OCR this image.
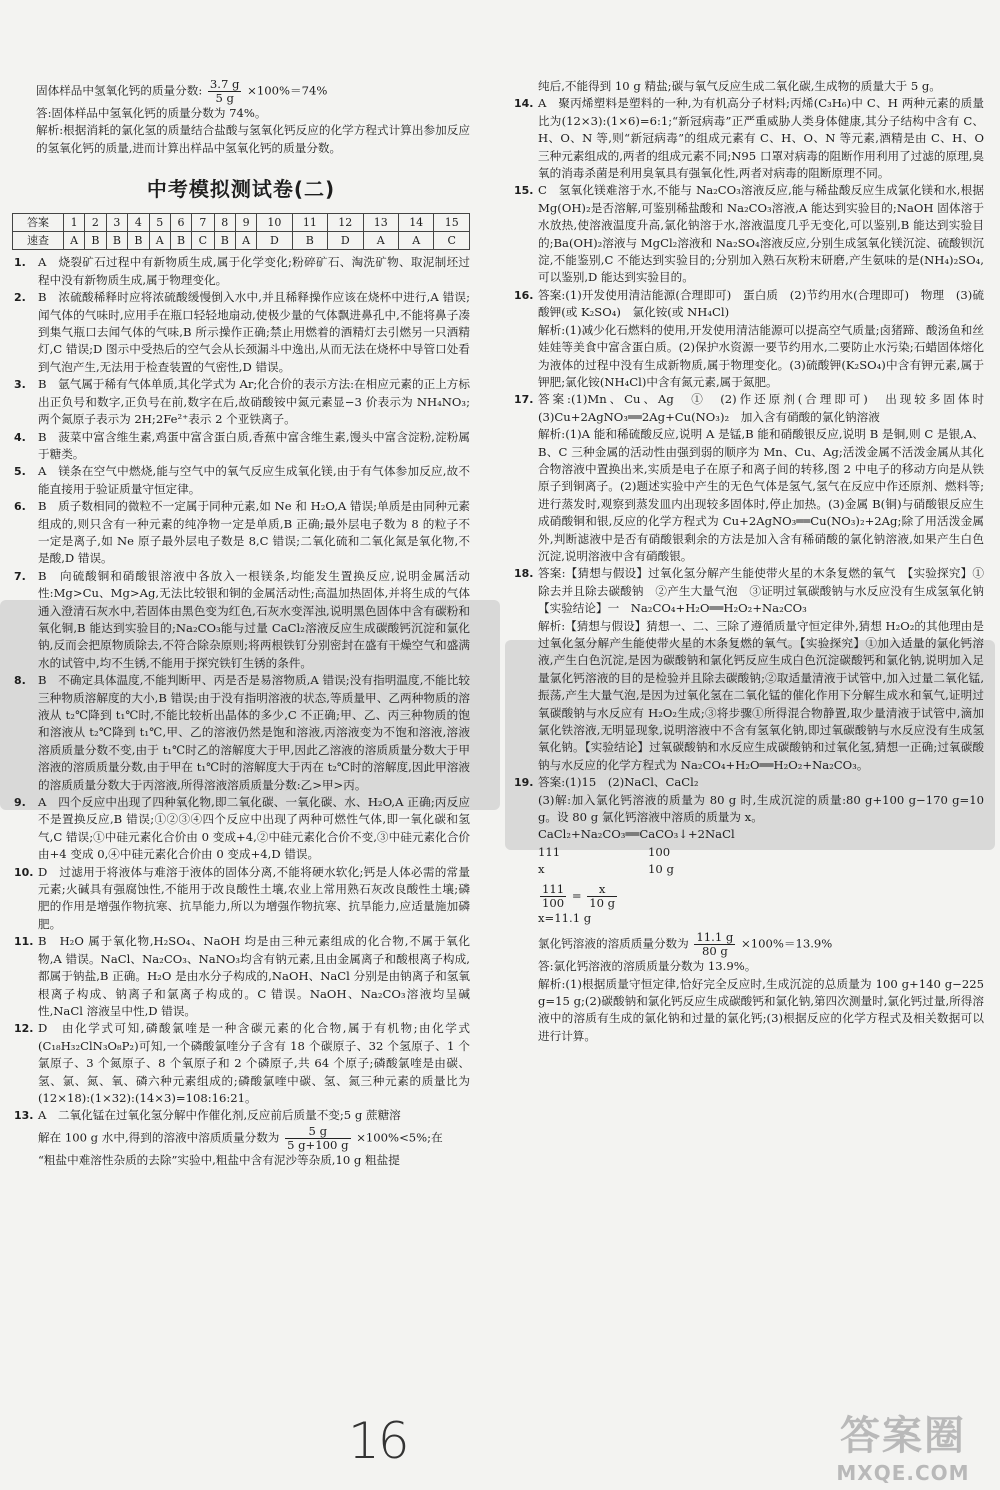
固体样品中氢氧化钙的质量分数: $\frac{3.7 g}{5 g} \times 100\%=74\%$

答:固体样品中氢氧化钙的质量分数为 74%。

解析:根据消耗的氯化氢的质量结合盐酸与氢氧化钙反应的化学方程式计算出参加反应的氢氧化钙的质量,进而计算出样品中氢氧化钙的质量分数。

中考模拟测试卷(二)
答案	1	2	3	4	5	6	7	8	9	10	11	12	13	14	15
速查	A	B	B	B	A	B	C	B	A	D	B	D	A	A	C

1. A　烧裂矿石过程中有新物质生成,属于化学变化;粉碎矿石、淘洗矿物、取泥制坯过程中没有新物质生成,属于物理变化。

2. B　浓硫酸稀释时应将浓硫酸缓慢倒入水中,并且稀释操作应该在烧杯中进行,A 错误;闻气体的气味时,应用手在瓶口轻轻地扇动,使极少量的气体飘进鼻孔中,不能将鼻子凑到集气瓶口去闻气体的气味,B 所示操作正确;禁止用燃着的酒精灯去引燃另一只酒精灯,C 错误;D 图示中受热后的空气会从长颈漏斗中逸出,从而无法在烧杯中导管口处看到气泡产生,无法用于检查装置的气密性,D 错误。

3. B　氩气属于稀有气体单质,其化学式为 Ar;化合价的表示方法:在相应元素的正上方标出正负号和数字,正负号在前,数字在后,故硝酸铵中氮元素显−3 价表示为 NH₄NO₃;两个氮原子表示为 2H;2Fe²⁺表示 2 个亚铁离子。

4. B　菠菜中富含维生素,鸡蛋中富含蛋白质,香蕉中富含维生素,馒头中富含淀粉,淀粉属于糖类。

5. A　镁条在空气中燃烧,能与空气中的氧气反应生成氧化镁,由于有气体参加反应,故不能直接用于验证质量守恒定律。

6. B　质子数相同的微粒不一定属于同种元素,如 Ne 和 H₂O,A 错误;单质是由同种元素组成的,则只含有一种元素的纯净物一定是单质,B 正确;最外层电子数为 8 的粒子不一定是离子,如 Ne 原子最外层电子数是 8,C 错误;二氧化硫和二氧化氮是氧化物,不是酸,D 错误。

7. B　向硫酸铜和硝酸银溶液中各放入一根镁条,均能发生置换反应,说明金属活动性:Mg>Cu、Mg>Ag,无法比较银和铜的金属活动性;高温加热固体,并将生成的气体通入澄清石灰水中,若固体由黑色变为红色,石灰水变浑浊,说明黑色固体中含有碳粉和氧化铜,B 能达到实验目的;Na₂CO₃能与过量 CaCl₂溶液反应生成碳酸钙沉淀和氯化钠,反而会把原物质除去,不符合除杂原则;将两根铁钉分别密封在盛有干燥空气和盛满水的试管中,均不生锈,不能用于探究铁钉生锈的条件。

8. B　不确定具体温度,不能判断甲、丙是否是易溶物质,A 错误;没有指明温度,不能比较三种物质溶解度的大小,B 错误;由于没有指明溶液的状态,等质量甲、乙两种物质的溶液从 t₂℃降到 t₁℃时,不能比较析出晶体的多少,C 不正确;甲、乙、丙三种物质的饱和溶液从 t₂℃降到 t₁℃,甲、乙的溶液仍然是饱和溶液,丙溶液变为不饱和溶液,溶液溶质质量分数不变,由于 t₁℃时乙的溶解度大于甲,因此乙溶液的溶质质量分数大于甲溶液的溶质质量分数,由于甲在 t₁℃时的溶解度大于丙在 t₂℃时的溶解度,因此甲溶液的溶质质量分数大于丙溶液,所得溶液溶质质量分数:乙>甲>丙。

9. A　四个反应中出现了四种氧化物,即二氧化碳、一氧化碳、水、H₂O,A 正确;丙反应不是置换反应,B 错误;①②③④四个反应中出现了两种可燃性气体,即一氧化碳和氢气,C 错误;①中硅元素化合价由 0 变成+4,②中硅元素化合价不变,③中硅元素化合价由+4 变成 0,④中硅元素化合价由 0 变成+4,D 错误。

10. D　过滤用于将液体与难溶于液体的固体分离,不能将硬水软化;钙是人体必需的常量元素;火碱具有强腐蚀性,不能用于改良酸性土壤,农业上常用熟石灰改良酸性土壤;磷肥的作用是增强作物抗寒、抗旱能力,所以为增强作物抗寒、抗旱能力,应适量施加磷肥。

11. B　H₂O 属于氧化物,H₂SO₄、NaOH 均是由三种元素组成的化合物,不属于氧化物,A 错误。NaCl、Na₂CO₃、NaNO₃均含有钠元素,且由金属离子和酸根离子构成,都属于钠盐,B 正确。H₂O 是由水分子构成的,NaOH、NaCl 分别是由钠离子和氢氧根离子构成、钠离子和氯离子构成的。C 错误。NaOH、Na₂CO₃溶液均呈碱性,NaCl 溶液呈中性,D 错误。

12. D　由化学式可知,磷酸氯喹是一种含碳元素的化合物,属于有机物;由化学式(C₁₈H₃₂ClN₃O₈P₂)可知,一个磷酸氯喹分子含有 18 个碳原子、32 个氢原子、1 个氯原子、3 个氮原子、8 个氧原子和 2 个磷原子,共 64 个原子;磷酸氯喹是由碳、氢、氯、氮、氧、磷六种元素组成的;磷酸氯喹中碳、氢、氮三种元素的质量比为(12×18):(1×32):(14×3)=108:16:21。

13. A　二氧化锰在过氧化氢分解中作催化剂,反应前后质量不变;5 g 蔗糖溶

解在 100 g 水中,得到的溶液中溶质质量分数为 $\frac{5 g}{5 g+100 g} \times 100\%<5\%$;在

“粗盐中难溶性杂质的去除”实验中,粗盐中含有泥沙等杂质,10 g 粗盐提

纯后,不能得到 10 g 精盐;碳与氧气反应生成二氧化碳,生成物的质量大于 5 g。

14. A　聚丙烯塑料是塑料的一种,为有机高分子材料;丙烯(C₃H₆)中 C、H 两种元素的质量比为(12×3):(1×6)=6:1;“新冠病毒”正严重威胁人类身体健康,其分子结构中含有 C、H、O、N 等,则“新冠病毒”的组成元素有 C、H、O、N 等元素,酒精是由 C、H、O 三种元素组成的,两者的组成元素不同;N95 口罩对病毒的阻断作用利用了过滤的原理,臭氧的消毒杀菌是利用臭氧具有强氧化性,两者对病毒的阻断原理不同。

15. C　氢氧化镁难溶于水,不能与 Na₂CO₃溶液反应,能与稀盐酸反应生成氯化镁和水,根据 Mg(OH)₂是否溶解,可鉴别稀盐酸和 Na₂CO₃溶液,A 能达到实验目的;NaOH 固体溶于水放热,使溶液温度升高,氯化钠溶于水,溶液温度几乎无变化,可以鉴别,B 能达到实验目的;Ba(OH)₂溶液与 MgCl₂溶液和 Na₂SO₄溶液反应,分别生成氢氧化镁沉淀、硫酸钡沉淀,不能鉴别,C 不能达到实验目的;分别加入熟石灰粉末研磨,产生氨味的是(NH₄)₂SO₄,可以鉴别,D 能达到实验目的。

16. 答案:(1)开发使用清洁能源(合理即可)　蛋白质　(2)节约用水(合理即可)　物理　(3)硫酸钾(或 K₂SO₄)　氯化铵(或 NH₄Cl)

解析:(1)减少化石燃料的使用,开发使用清洁能源可以提高空气质量;卤猪蹄、酸汤鱼和丝娃娃等美食中富含蛋白质。(2)保护水资源一要节约用水,二要防止水污染;石蜡固体熔化为液体的过程中没有生成新物质,属于物理变化。(3)硫酸钾(K₂SO₄)中含有钾元素,属于钾肥;氯化铵(NH₄Cl)中含有氮元素,属于氮肥。

17. 答案:(1)Mn、Cu、Ag　①　(2)作还原剂(合理即可)　出现较多固体时　(3)Cu+2AgNO₃══2Ag+Cu(NO₃)₂　加入含有硝酸的氯化钠溶液

解析:(1)A 能和稀硫酸反应,说明 A 是锰,B 能和硝酸银反应,说明 B 是铜,则 C 是银,A、B、C 三种金属的活动性由强到弱的顺序为 Mn、Cu、Ag;活泼金属不活泼金属从其化合物溶液中置换出来,实质是电子在原子和离子间的转移,图 2 中电子的移动方向是从铁原子到铜离子。(2)题述实验中产生的无色气体是氢气,氢气在反应中作还原剂、燃料等;进行蒸发时,观察到蒸发皿内出现较多固体时,停止加热。(3)金属 B(铜)与硝酸银反应生成硝酸铜和银,反应的化学方程式为 Cu+2AgNO₃══Cu(NO₃)₂+2Ag;除了用活泼金属外,判断滤液中是否有硝酸银剩余的方法是加入含有稀硝酸的氯化钠溶液,如果产生白色沉淀,说明溶液中含有硝酸银。

18. 答案:【猜想与假设】过氧化氢分解产生能使带火星的木条复燃的氧气　【实验探究】①除去并且除去碳酸钠　②产生大量气泡　③证明过氧碳酸钠与水反应没有生成氢氧化钠　【实验结论】一　Na₂CO₄+H₂O══H₂O₂+Na₂CO₃

解析:【猜想与假设】猜想一、二、三除了遵循质量守恒定律外,猜想 H₂O₂的其他理由是过氧化氢分解产生能使带火星的木条复燃的氧气。【实验探究】①加入适量的氯化钙溶液,产生白色沉淀,是因为碳酸钠和氯化钙反应生成白色沉淀碳酸钙和氯化钠,说明加入足量氯化钙溶液的目的是检验并且除去碳酸钠;②取适量清液于试管中,加入过量二氧化锰,振荡,产生大量气泡,是因为过氧化氢在二氧化锰的催化作用下分解生成水和氧气,证明过氧碳酸钠与水反应有 H₂O₂生成;③将步骤①所得混合物静置,取少量清液于试管中,滴加氯化铁溶液,无明显现象,说明溶液中不含有氢氧化钠,即过氧碳酸钠与水反应没有生成氢氧化钠。【实验结论】过氧碳酸钠和水反应生成碳酸钠和过氧化氢,猜想一正确;过氧碳酸钠与水反应的化学方程式为 Na₂CO₄+H₂O══H₂O₂+Na₂CO₃。

19. 答案:(1)15　(2)NaCl、CaCl₂

(3)解:加入氯化钙溶液的质量为 80 g 时,生成沉淀的质量:80 g+100 g−170 g=10 g。设 80 g 氯化钙溶液中溶质的质量为 x。

CaCl₂+Na₂CO₃══CaCO₃↓+2NaCl

111	100
x	10 g

$\frac{111}{100} = \frac{x}{10 g}$

x=11.1 g

氯化钙溶液的溶质质量分数为 $\frac{11.1 g}{80 g} \times 100\%=13.9\%$

答:氯化钙溶液的溶质质量分数为 13.9%。

解析:(1)根据质量守恒定律,恰好完全反应时,生成沉淀的总质量为 100 g+140 g−225 g=15 g;(2)碳酸钠和氯化钙反应生成碳酸钙和氯化钠,第四次测量时,氯化钙过量,所得溶液中的溶质有生成的氯化钠和过量的氯化钙;(3)根据反应的化学方程式及相关数据可以进行计算。

16	答案圈
MXQE.COM
